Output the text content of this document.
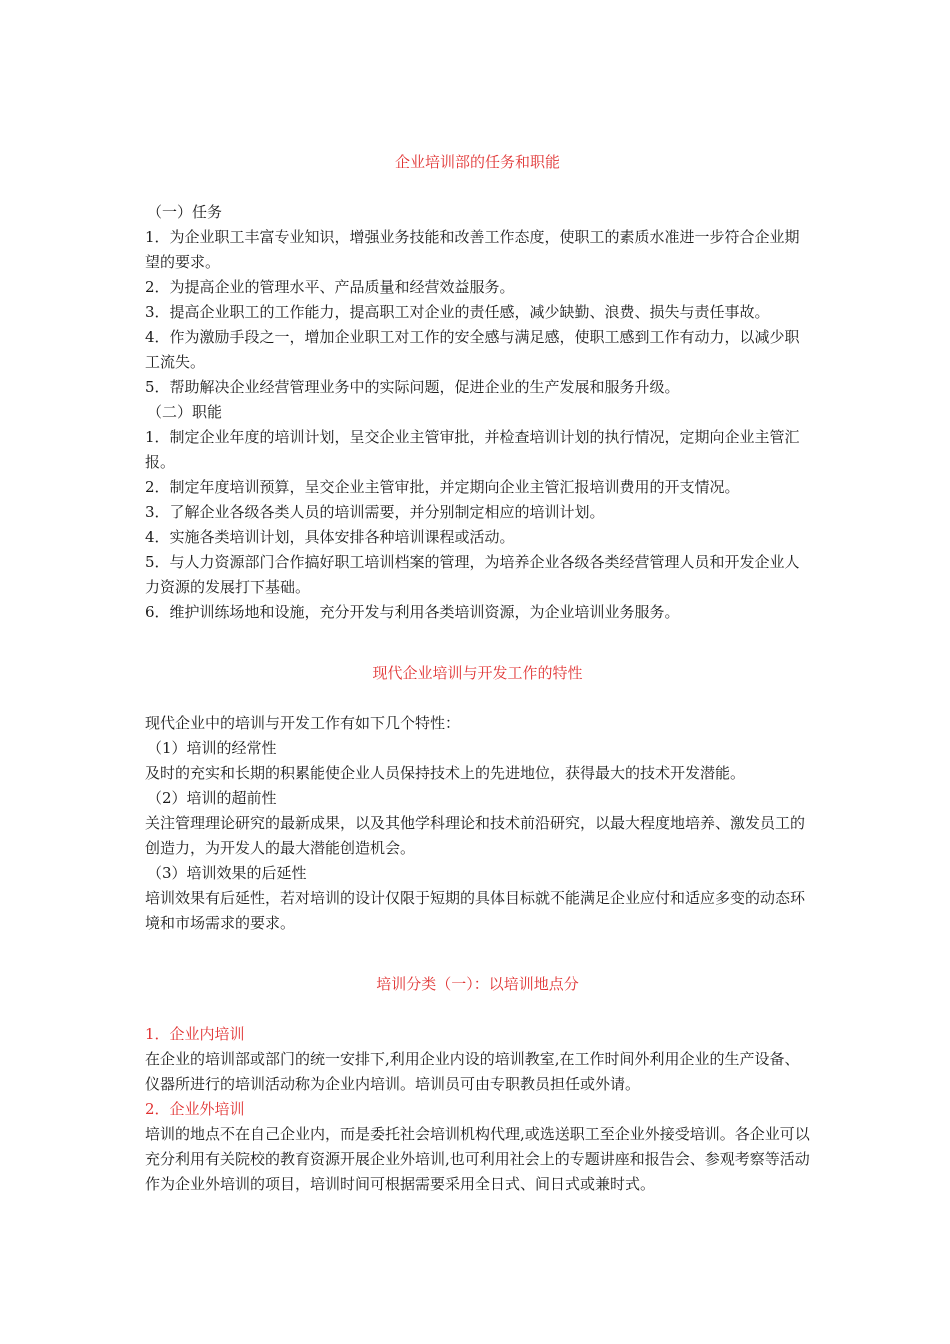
企业培训部的任务和职能

（一）任务

1．为企业职工丰富专业知识，增强业务技能和改善工作态度，使职工的素质水准进一步符合企业期望的要求。

2．为提高企业的管理水平、产品质量和经营效益服务。

3．提高企业职工的工作能力，提高职工对企业的责任感，减少缺勤、浪费、损失与责任事故。

4．作为激励手段之一，增加企业职工对工作的安全感与满足感，使职工感到工作有动力，以减少职工流失。

5．帮助解决企业经营管理业务中的实际问题，促进企业的生产发展和服务升级。

（二）职能

1．制定企业年度的培训计划，呈交企业主管审批，并检查培训计划的执行情况，定期向企业主管汇报。

2．制定年度培训预算，呈交企业主管审批，并定期向企业主管汇报培训费用的开支情况。

3．了解企业各级各类人员的培训需要，并分别制定相应的培训计划。

4．实施各类培训计划，具体安排各种培训课程或活动。

5．与人力资源部门合作搞好职工培训档案的管理，为培养企业各级各类经营管理人员和开发企业人力资源的发展打下基础。

6．维护训练场地和设施，充分开发与利用各类培训资源，为企业培训业务服务。

现代企业培训与开发工作的特性

现代企业中的培训与开发工作有如下几个特性：

（1）培训的经常性

及时的充实和长期的积累能使企业人员保持技术上的先进地位，获得最大的技术开发潜能。

（2）培训的超前性

关注管理理论研究的最新成果，以及其他学科理论和技术前沿研究，以最大程度地培养、激发员工的创造力，为开发人的最大潜能创造机会。

（3）培训效果的后延性

培训效果有后延性，若对培训的设计仅限于短期的具体目标就不能满足企业应付和适应多变的动态环境和市场需求的要求。

培训分类（一）：以培训地点分

1．企业内培训

在企业的培训部或部门的统一安排下,利用企业内设的培训教室,在工作时间外利用企业的生产设备、仪器所进行的培训活动称为企业内培训。培训员可由专职教员担任或外请。

2．企业外培训

培训的地点不在自己企业内，而是委托社会培训机构代理,或选送职工至企业外接受培训。各企业可以充分利用有关院校的教育资源开展企业外培训,也可利用社会上的专题讲座和报告会、参观考察等活动作为企业外培训的项目，培训时间可根据需要采用全日式、间日式或兼时式。
